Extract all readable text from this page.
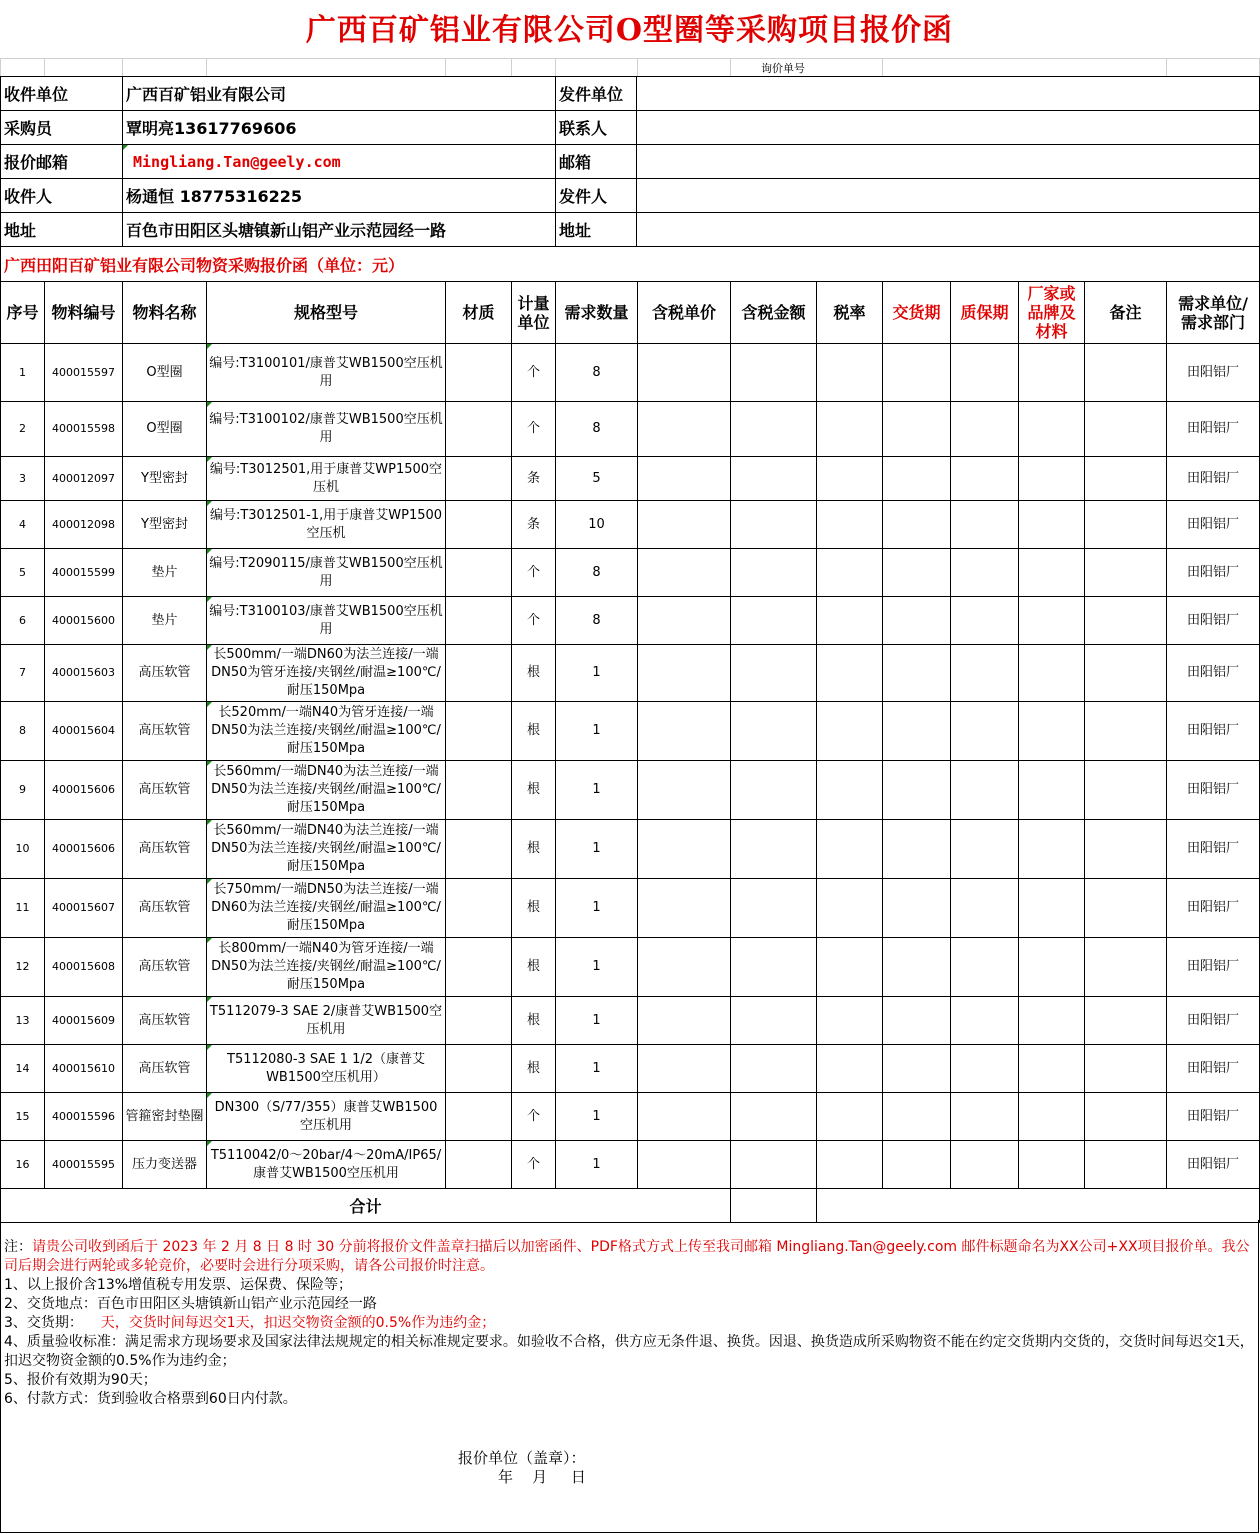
广西百矿铝业有限公司O型圈等采购项目报价函
								询价单号		
收件单位	广西百矿铝业有限公司	发件单位	
采购员	覃明亮13617769606	联系人	
报价邮箱	Mingliang.Tan@geely.com	邮箱	
收件人	杨通恒 18775316225	发件人	
地址	百色市田阳区头塘镇新山铝产业示范园经一路	地址	
广西田阳百矿铝业有限公司物资采购报价函（单位：元）			
序号	物料编号	物料名称	规格型号	材质	计量单位	需求数量	含税单价	含税金额	税率	交货期	质保期	厂家或品牌及材料	备注	需求单位/需求部门
1	400015597	O型圈	编号:T3100101/康普艾WB1500空压机用		个	8								田阳铝厂
2	400015598	O型圈	编号:T3100102/康普艾WB1500空压机用		个	8								田阳铝厂
3	400012097	Y型密封	编号:T3012501,用于康普艾WP1500空压机		条	5								田阳铝厂
4	400012098	Y型密封	编号:T3012501-1,用于康普艾WP1500空压机		条	10								田阳铝厂
5	400015599	垫片	编号:T2090115/康普艾WB1500空压机用		个	8								田阳铝厂
6	400015600	垫片	编号:T3100103/康普艾WB1500空压机用		个	8								田阳铝厂
7	400015603	高压软管	长500mm/一端DN60为法兰连接/一端DN50为管牙连接/夹钢丝/耐温≥100℃/耐压150Mpa		根	1								田阳铝厂
8	400015604	高压软管	长520mm/一端N40为管牙连接/一端DN50为法兰连接/夹钢丝/耐温≥100℃/耐压150Mpa		根	1								田阳铝厂
9	400015606	高压软管	长560mm/一端DN40为法兰连接/一端DN50为法兰连接/夹钢丝/耐温≥100℃/耐压150Mpa		根	1								田阳铝厂
10	400015606	高压软管	长560mm/一端DN40为法兰连接/一端DN50为法兰连接/夹钢丝/耐温≥100℃/耐压150Mpa		根	1								田阳铝厂
11	400015607	高压软管	长750mm/一端DN50为法兰连接/一端DN60为法兰连接/夹钢丝/耐温≥100℃/耐压150Mpa		根	1								田阳铝厂
12	400015608	高压软管	长800mm/一端N40为管牙连接/一端DN50为法兰连接/夹钢丝/耐温≥100℃/耐压150Mpa		根	1								田阳铝厂
13	400015609	高压软管	T5112079-3 SAE 2/康普艾WB1500空压机用		根	1								田阳铝厂
14	400015610	高压软管	T5112080-3 SAE 1 1/2（康普艾WB1500空压机用）		根	1								田阳铝厂
15	400015596	管箍密封垫圈	DN300（S/77/355）康普艾WB1500空压机用		个	1								田阳铝厂
16	400015595	压力变送器	T5110042/0～20bar/4～20mA/IP65/康普艾WB1500空压机用		个	1								田阳铝厂
合计														

注：请贵公司收到函后于 2023 年 2 月 8 日 8 时 30 分前将报价文件盖章扫描后以加密函件、PDF格式方式上传至我司邮箱 Mingliang.Tan@geely.com 邮件标题命名为XX公司+XX项目报价单。我公司后期会进行两轮或多轮竞价，必要时会进行分项采购，请各公司报价时注意。

1、以上报价含13%增值税专用发票、运保费、保险等；

2、交货地点：百色市田阳区头塘镇新山铝产业示范园经一路

3、交货期：    天，交货时间每迟交1天，扣迟交物资金额的0.5%作为违约金；

4、质量验收标准：满足需求方现场要求及国家法律法规规定的相关标准规定要求。如验收不合格，供方应无条件退、换货。因退、换货造成所采购物资不能在约定交货期内交货的，交货时间每迟交1天，扣迟交物资金额的0.5%作为违约金；

5、报价有效期为90天；

6、付款方式：货到验收合格票到60日内付款。

报价单位（盖章）：
年    月     日
